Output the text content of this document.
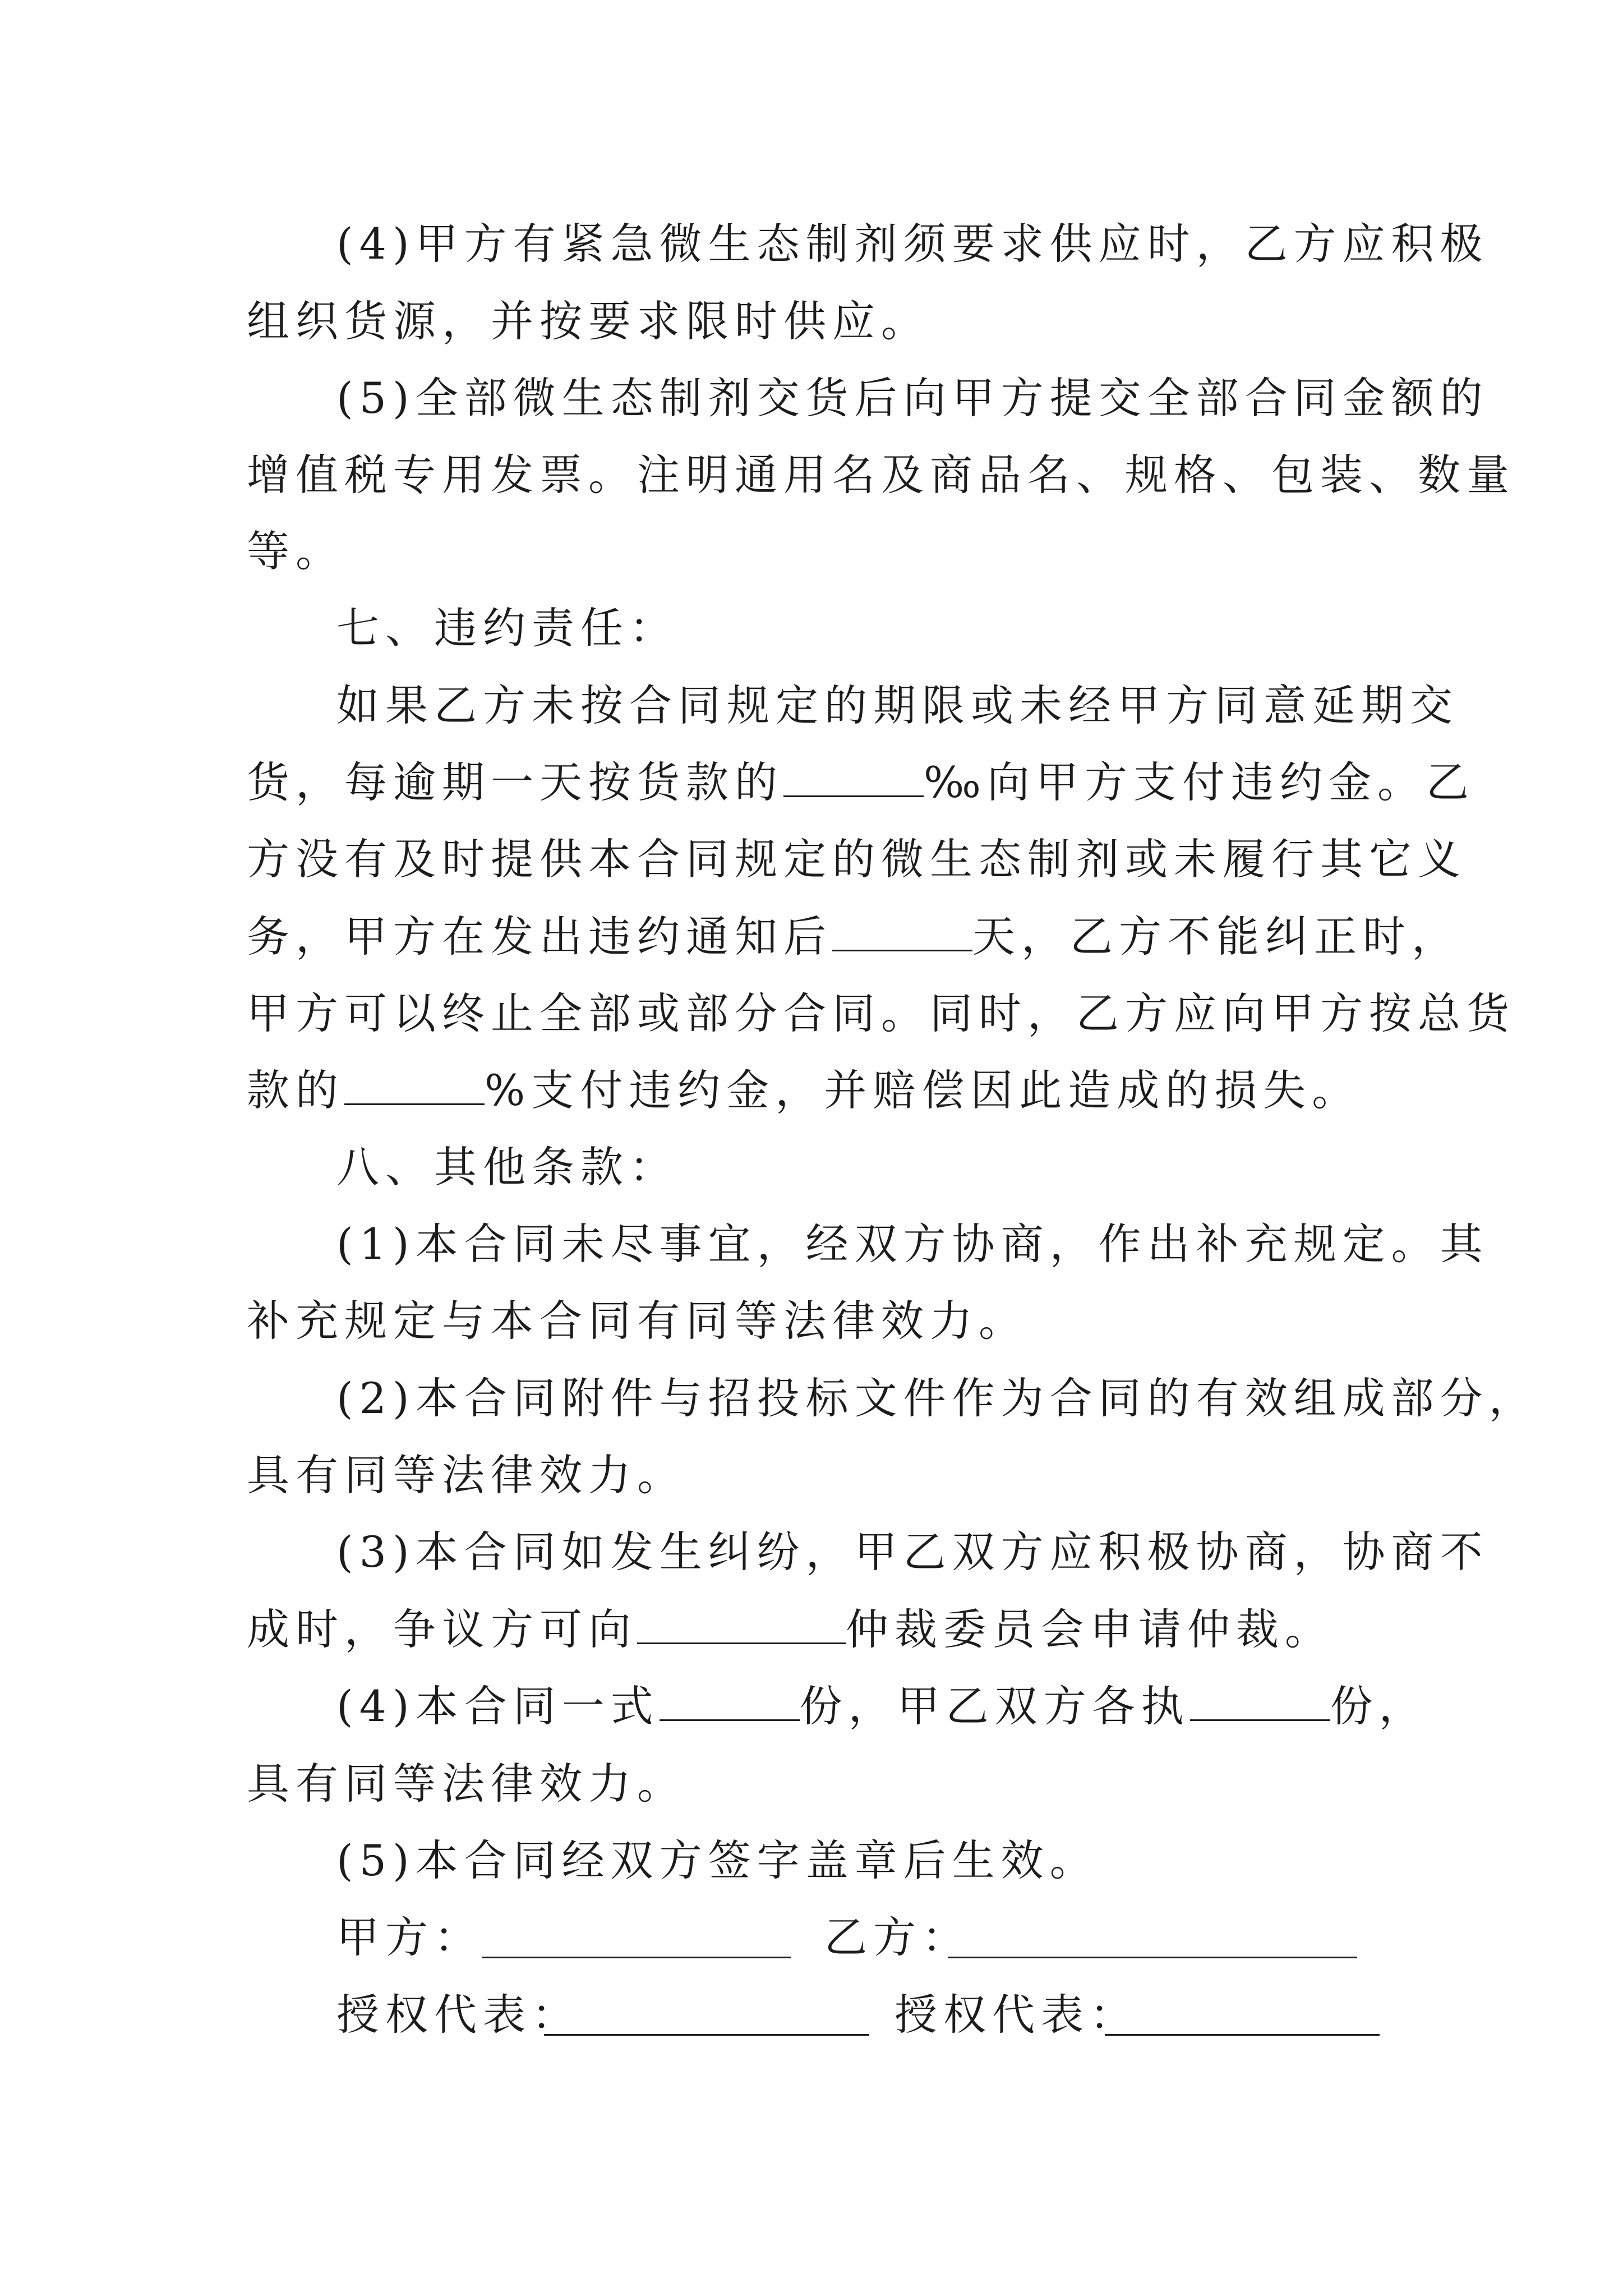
(4)甲方有紧急微生态制剂须要求供应时，乙方应积极
组织货源，并按要求限时供应。
(5)全部微生态制剂交货后向甲方提交全部合同金额的
增值税专用发票。注明通用名及商品名、规格、包装、数量
等。
七、违约责任：
如果乙方未按合同规定的期限或未经甲方同意延期交
货，每逾期一天按货款的	‰向甲方支付违约金。乙
方没有及时提供本合同规定的微生态制剂或未履行其它义
务，甲方在发出违约通知后	天，乙方不能纠正时，
甲方可以终止全部或部分合同。同时，乙方应向甲方按总货
款的	%支付违约金，并赔偿因此造成的损失。
八、其他条款：
(1)本合同未尽事宜，经双方协商，作出补充规定。其
补充规定与本合同有同等法律效力。
(2)本合同附件与招投标文件作为合同的有效组成部分，
具有同等法律效力。
(3)本合同如发生纠纷，甲乙双方应积极协商，协商不
成时，争议方可向	仲裁委员会申请仲裁。
(4)本合同一式	份，甲乙双方各执	份，
具有同等法律效力。
(5)本合同经双方签字盖章后生效。
甲方：	乙方：
授权代表：	授权代表：
